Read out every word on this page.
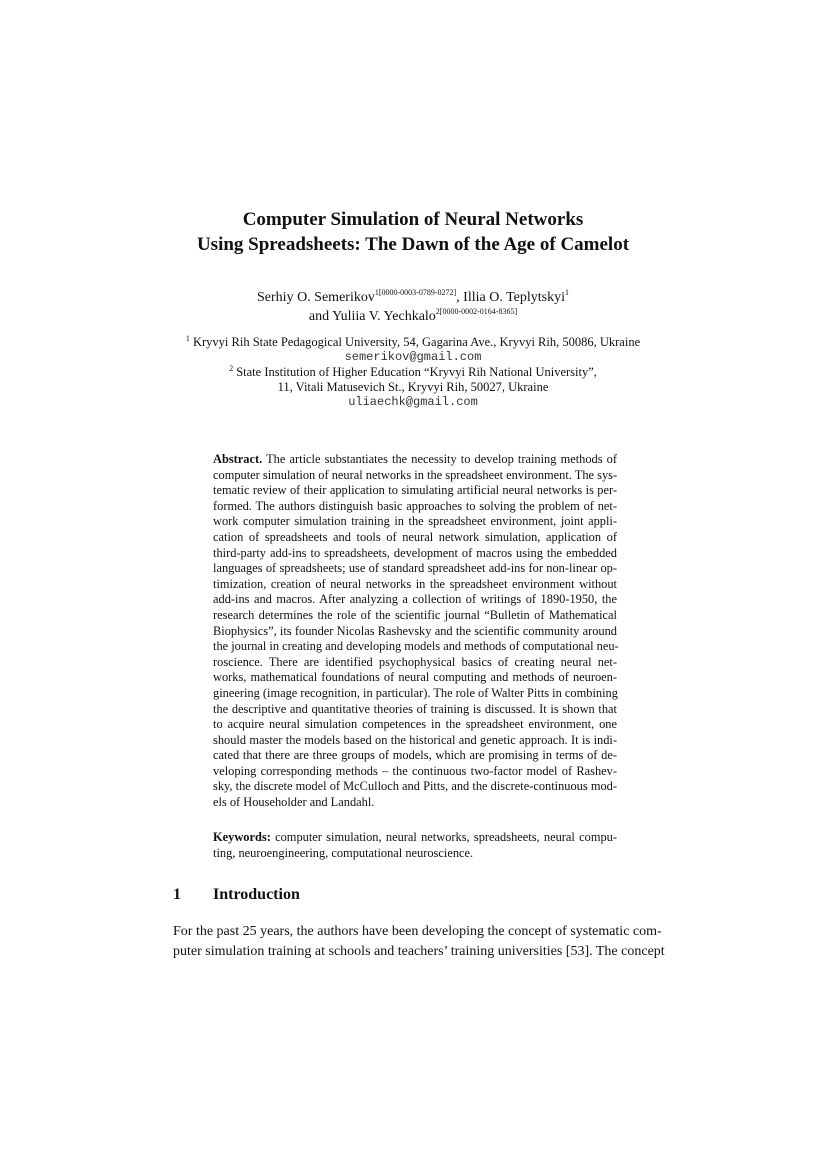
Computer Simulation of Neural Networks
Using Spreadsheets: The Dawn of the Age of Camelot
Serhiy O. Semerikov$^{1[0000-0003-0789-0272]}$, Illia O. Teplytskyi$^1$
and Yuliia V. Yechkalo$^{2[0000-0002-0164-8365]}$
$^1$ Kryvyi Rih State Pedagogical University, 54, Gagarina Ave., Kryvyi Rih, 50086, Ukraine
semerikov@gmail.com
$^2$ State Institution of Higher Education “Kryvyi Rih National University”,
11, Vitali Matusevich St., Kryvyi Rih, 50027, Ukraine
uliaechk@gmail.com
Abstract. The article substantiates the necessity to develop training methods of
computer simulation of neural networks in the spreadsheet environment. The sys-
tematic review of their application to simulating artificial neural networks is per-
formed. The authors distinguish basic approaches to solving the problem of net-
work computer simulation training in the spreadsheet environment, joint appli-
cation of spreadsheets and tools of neural network simulation, application of
third-party add-ins to spreadsheets, development of macros using the embedded
languages of spreadsheets; use of standard spreadsheet add-ins for non-linear op-
timization, creation of neural networks in the spreadsheet environment without
add-ins and macros. After analyzing a collection of writings of 1890-1950, the
research determines the role of the scientific journal “Bulletin of Mathematical
Biophysics”, its founder Nicolas Rashevsky and the scientific community around
the journal in creating and developing models and methods of computational neu-
roscience. There are identified psychophysical basics of creating neural net-
works, mathematical foundations of neural computing and methods of neuroen-
gineering (image recognition, in particular). The role of Walter Pitts in combining
the descriptive and quantitative theories of training is discussed. It is shown that
to acquire neural simulation competences in the spreadsheet environment, one
should master the models based on the historical and genetic approach. It is indi-
cated that there are three groups of models, which are promising in terms of de-
veloping corresponding methods – the continuous two-factor model of Rashev-
sky, the discrete model of McCulloch and Pitts, and the discrete-continuous mod-
els of Householder and Landahl.
Keywords: computer simulation, neural networks, spreadsheets, neural compu-
ting, neuroengineering, computational neuroscience.
1 Introduction
For the past 25 years, the authors have been developing the concept of systematic com-
puter simulation training at schools and teachers’ training universities [53]. The concept
